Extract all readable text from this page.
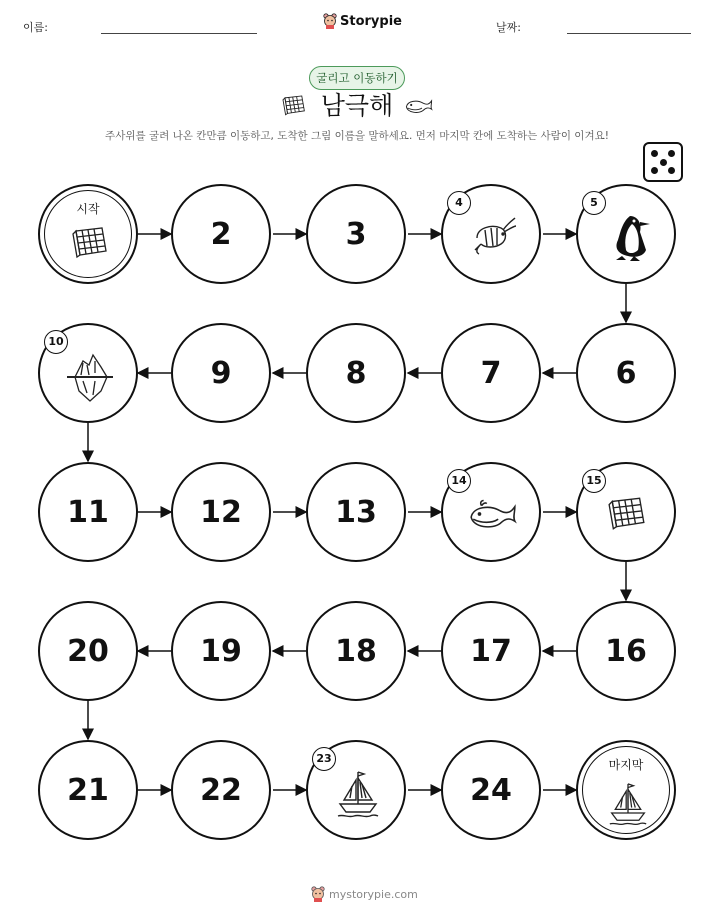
이름:	Storypie	날짜:
굴리고 이동하기
남극해
주사위를 굴려 나온 칸만큼 이동하고, 도착한 그림 이름을 말하세요. 먼저 마지막 칸에 도착하는 사람이 이겨요!
시작
2	3
4	5
10
9	8	7	6
11	12	13
14	15
20	19	18	17	16
21	22
23
24
마지막
mystorypie.com
